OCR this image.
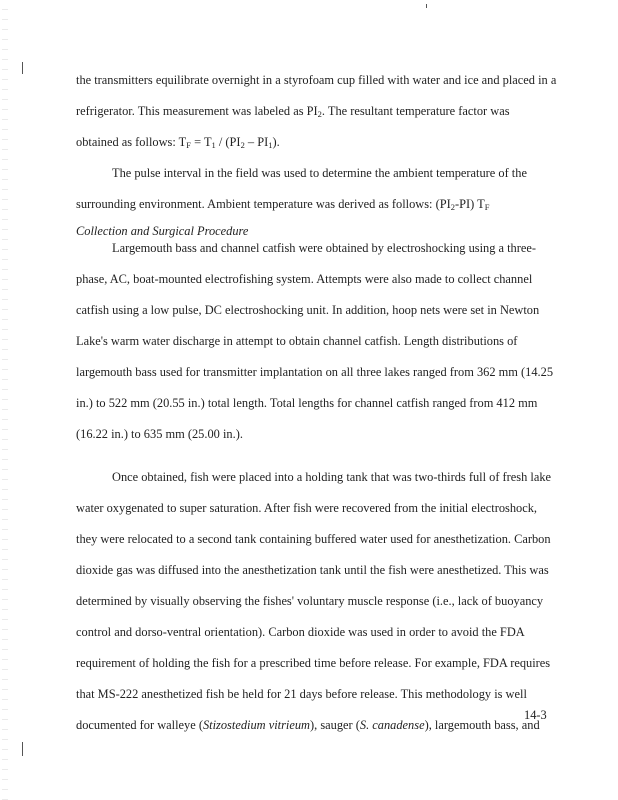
the transmitters equilibrate overnight in a styrofoam cup filled with water and ice and placed in a
refrigerator. This measurement was labeled as $PI_2$. The resultant temperature factor was
obtained as follows: $T_F = T_1 / (PI_2 - PI_1)$.
The pulse interval in the field was used to determine the ambient temperature of the
surrounding environment. Ambient temperature was derived as follows: $(PI_2-PI)$ $T_F$
Collection and Surgical Procedure
Largemouth bass and channel catfish were obtained by electroshocking using a three-
phase, AC, boat-mounted electrofishing system. Attempts were also made to collect channel
catfish using a low pulse, DC electroshocking unit. In addition, hoop nets were set in Newton
Lake's warm water discharge in attempt to obtain channel catfish. Length distributions of
largemouth bass used for transmitter implantation on all three lakes ranged from 362 mm (14.25
in.) to 522 mm (20.55 in.) total length. Total lengths for channel catfish ranged from 412 mm
(16.22 in.) to 635 mm (25.00 in.).
Once obtained, fish were placed into a holding tank that was two-thirds full of fresh lake
water oxygenated to super saturation. After fish were recovered from the initial electroshock,
they were relocated to a second tank containing buffered water used for anesthetization. Carbon
dioxide gas was diffused into the anesthetization tank until the fish were anesthetized. This was
determined by visually observing the fishes' voluntary muscle response (i.e., lack of buoyancy
control and dorso-ventral orientation). Carbon dioxide was used in order to avoid the FDA
requirement of holding the fish for a prescribed time before release. For example, FDA requires
that MS-222 anesthetized fish be held for 21 days before release. This methodology is well
documented for walleye (Stizostedium vitrieum), sauger (S. canadense), largemouth bass, and
14-3
